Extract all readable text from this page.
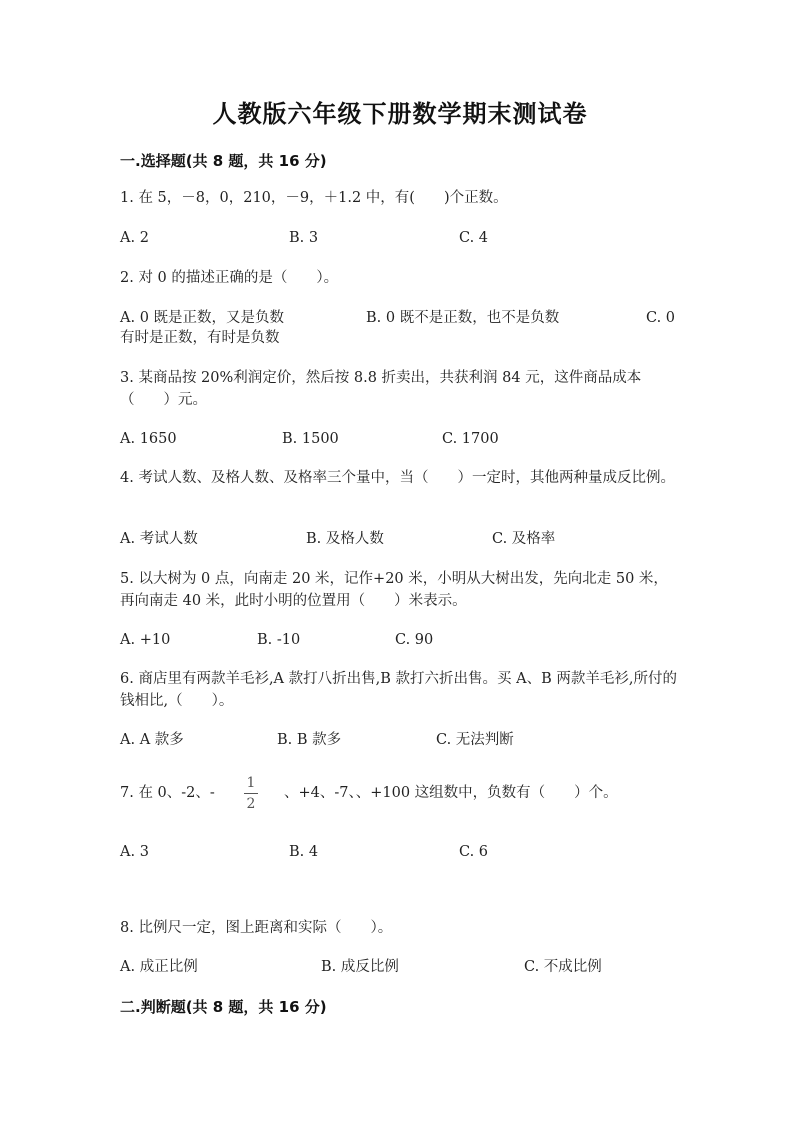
人教版六年级下册数学期末测试卷
一.选择题(共 8 题，共 16 分)
1. 在 5，－8，0，210，－9，＋1.2 中，有(　　)个正数。
A. 2	B. 3	C. 4
2. 对 0 的描述正确的是（　　）。
A. 0 既是正数，又是负数	B. 0 既不是正数，也不是负数	C. 0
有时是正数，有时是负数
3. 某商品按 20%利润定价，然后按 8.8 折卖出，共获利润 84 元，这件商品成本（　　）元。
A. 1650	B. 1500	C. 1700
4. 考试人数、及格人数、及格率三个量中，当（　　）一定时，其他两种量成反比例。
A. 考试人数	B. 及格人数	C. 及格率
5. 以大树为 0 点，向南走 20 米，记作+20 米，小明从大树出发，先向北走 50 米，再向南走 40 米，此时小明的位置用（　　）米表示。
A. +10	B. -10	C. 90
6. 商店里有两款羊毛衫,A 款打八折出售,B 款打六折出售。买 A、B 两款羊毛衫,所付的钱相比,（　　）。
A. A 款多	B. B 款多	C. 无法判断
7. 在 0、-2、-
1
2
、+4、-7、、+100 这组数中，负数有（　　）个。
A. 3	B. 4	C. 6
8. 比例尺一定，图上距离和实际（　　）。
A. 成正比例	B. 成反比例	C. 不成比例
二.判断题(共 8 题，共 16 分)
